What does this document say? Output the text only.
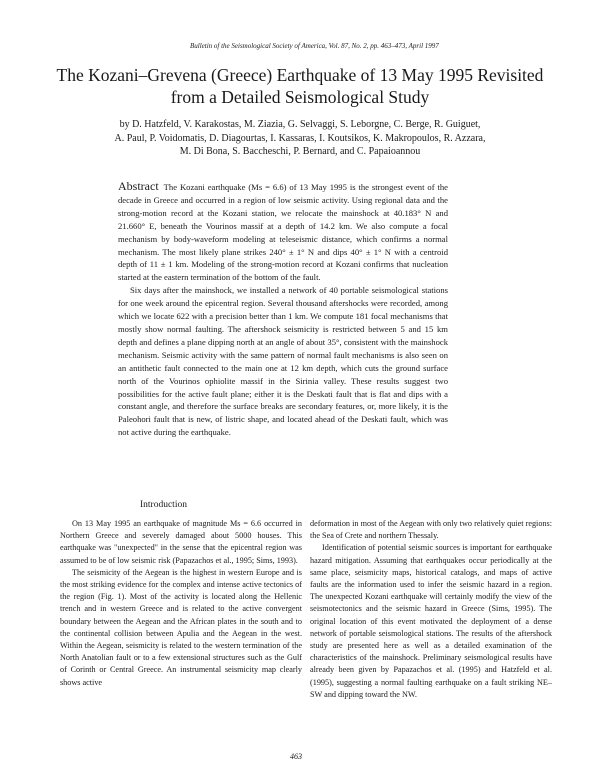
Bulletin of the Seismological Society of America, Vol. 87, No. 2, pp. 463–473, April 1997
The Kozani–Grevena (Greece) Earthquake of 13 May 1995 Revisited
from a Detailed Seismological Study
by D. Hatzfeld, V. Karakostas, M. Ziazia, G. Selvaggi, S. Leborgne, C. Berge, R. Guiguet,
A. Paul, P. Voidomatis, D. Diagourtas, I. Kassaras, I. Koutsikos, K. Makropoulos, R. Azzara,
M. Di Bona, S. Baccheschi, P. Bernard, and C. Papaioannou

Abstract The Kozani earthquake (Ms = 6.6) of 13 May 1995 is the strongest event of the decade in Greece and occurred in a region of low seismic activity. Using regional data and the strong-motion record at the Kozani station, we relocate the mainshock at 40.183° N and 21.660° E, beneath the Vourinos massif at a depth of 14.2 km. We also compute a focal mechanism by body-waveform modeling at teleseismic distance, which confirms a normal mechanism. The most likely plane strikes 240° ± 1° N and dips 40° ± 1° N with a centroid depth of 11 ± 1 km. Modeling of the strong-motion record at Kozani confirms that nucleation started at the eastern termination of the bottom of the fault.

Six days after the mainshock, we installed a network of 40 portable seismological stations for one week around the epicentral region. Several thousand aftershocks were recorded, among which we locate 622 with a precision better than 1 km. We compute 181 focal mechanisms that mostly show normal faulting. The aftershock seismicity is restricted between 5 and 15 km depth and defines a plane dipping north at an angle of about 35°, consistent with the mainshock mechanism. Seismic activity with the same pattern of normal fault mechanisms is also seen on an antithetic fault connected to the main one at 12 km depth, which cuts the ground surface north of the Vourinos ophiolite massif in the Sirinia valley. These results suggest two possibilities for the active fault plane; either it is the Deskati fault that is flat and dips with a constant angle, and therefore the surface breaks are secondary features, or, more likely, it is the Paleohori fault that is new, of listric shape, and located ahead of the Deskati fault, which was not active during the earthquake.

Introduction

On 13 May 1995 an earthquake of magnitude Ms = 6.6 occurred in Northern Greece and severely damaged about 5000 houses. This earthquake was "unexpected" in the sense that the epicentral region was assumed to be of low seismic risk (Papazachos et al., 1995; Sims, 1993).

The seismicity of the Aegean is the highest in western Europe and is the most striking evidence for the complex and intense active tectonics of the region (Fig. 1). Most of the activity is located along the Hellenic trench and in western Greece and is related to the active convergent boundary between the Aegean and the African plates in the south and to the continental collision between Apulia and the Aegean in the west. Within the Aegean, seismicity is related to the western termination of the North Anatolian fault or to a few extensional structures such as the Gulf of Corinth or Central Greece. An instrumental seismicity map clearly shows active

deformation in most of the Aegean with only two relatively quiet regions: the Sea of Crete and northern Thessaly.

Identification of potential seismic sources is important for earthquake hazard mitigation. Assuming that earthquakes occur periodically at the same place, seismicity maps, historical catalogs, and maps of active faults are the information used to infer the seismic hazard in a region. The unexpected Kozani earthquake will certainly modify the view of the seismotectonics and the seismic hazard in Greece (Sims, 1995). The original location of this event motivated the deployment of a dense network of portable seismological stations. The results of the aftershock study are presented here as well as a detailed examination of the characteristics of the mainshock. Preliminary seismological results have already been given by Papazachos et al. (1995) and Hatzfeld et al. (1995), suggesting a normal faulting earthquake on a fault striking NE–SW and dipping toward the NW.

463
